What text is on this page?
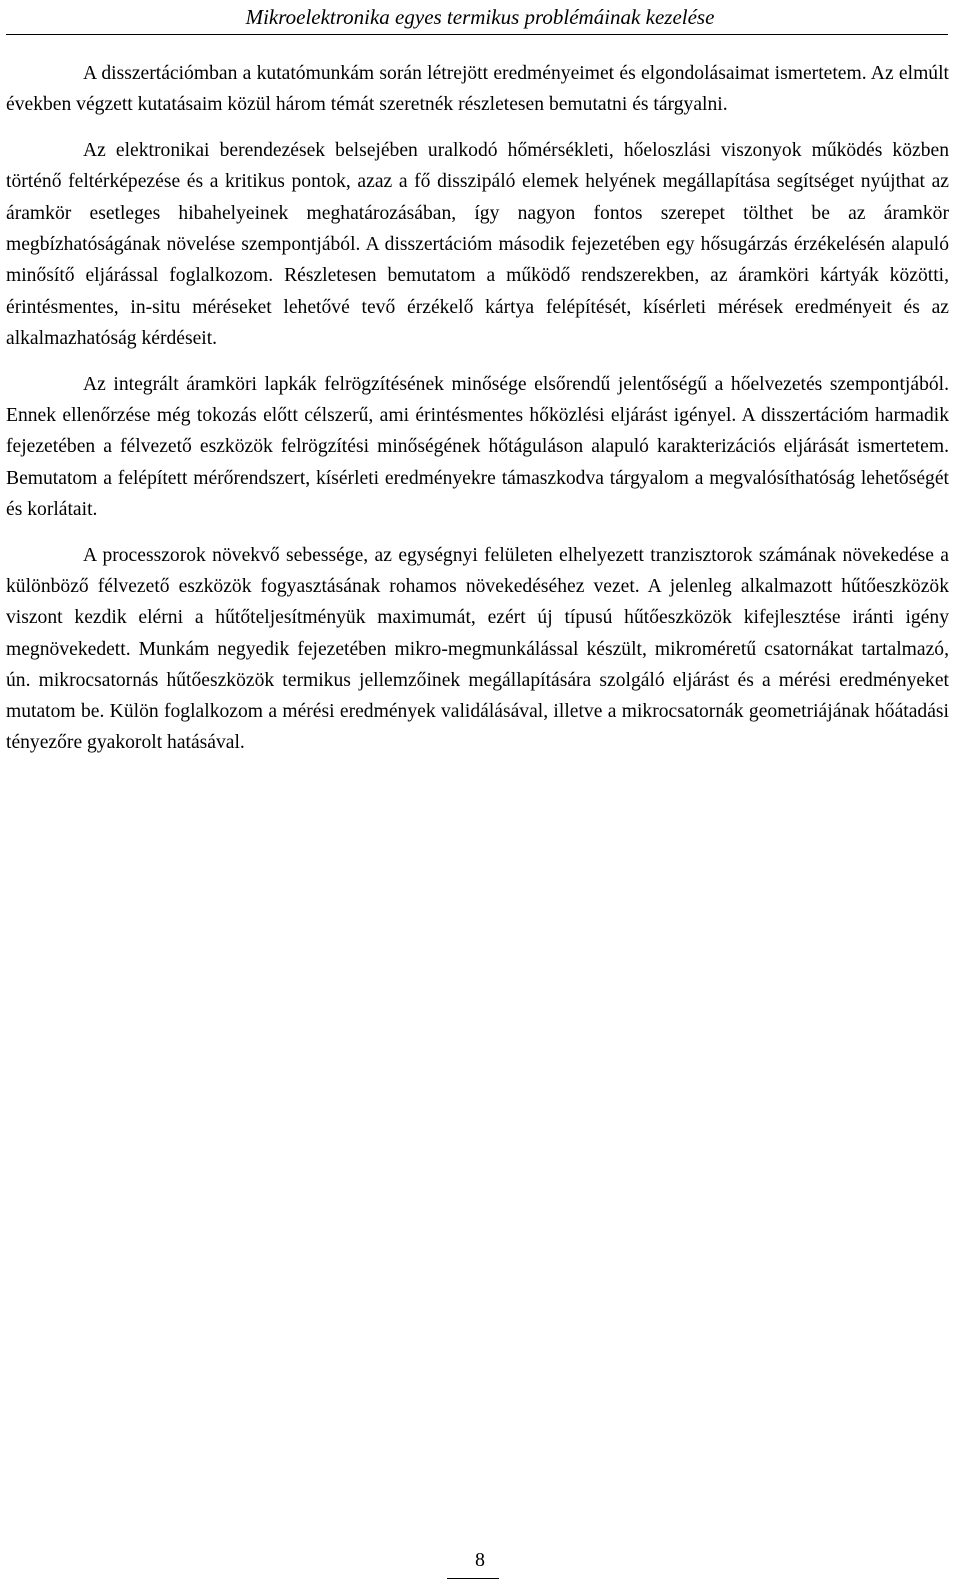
Mikroelektronika egyes termikus problémáinak kezelése

A disszertációmban a kutatómunkám során létrejött eredményeimet és elgondolásaimat ismertetem. Az elmúlt években végzett kutatásaim közül három témát szeretnék részletesen bemutatni és tárgyalni.

Az elektronikai berendezések belsejében uralkodó hőmérsékleti, hőeloszlási viszonyok működés közben történő feltérképezése és a kritikus pontok, azaz a fő disszipáló elemek helyének megállapítása segítséget nyújthat az áramkör esetleges hibahelyeinek meghatározásában, így nagyon fontos szerepet tölthet be az áramkör megbízhatóságának növelése szempontjából. A disszertációm második fejezetében egy hősugárzás érzékelésén alapuló minősítő eljárással foglalkozom. Részletesen bemutatom a működő rendszerekben, az áramköri kártyák közötti, érintésmentes, in-situ méréseket lehetővé tevő érzékelő kártya felépítését, kísérleti mérések eredményeit és az alkalmazhatóság kérdéseit.

Az integrált áramköri lapkák felrögzítésének minősége elsőrendű jelentőségű a hőelvezetés szempontjából. Ennek ellenőrzése még tokozás előtt célszerű, ami érintésmentes hőközlési eljárást igényel. A disszertációm harmadik fejezetében a félvezető eszközök felrögzítési minőségének hőtáguláson alapuló karakterizációs eljárását ismertetem. Bemutatom a felépített mérőrendszert, kísérleti eredményekre támaszkodva tárgyalom a megvalósíthatóság lehetőségét és korlátait.

A processzorok növekvő sebessége, az egységnyi felületen elhelyezett tranzisztorok számának növekedése a különböző félvezető eszközök fogyasztásának rohamos növekedéséhez vezet. A jelenleg alkalmazott hűtőeszközök viszont kezdik elérni a hűtőteljesítményük maximumát, ezért új típusú hűtőeszközök kifejlesztése iránti igény megnövekedett. Munkám negyedik fejezetében mikro-megmunkálással készült, mikroméretű csatornákat tartalmazó, ún. mikrocsatornás hűtőeszközök termikus jellemzőinek megállapítására szolgáló eljárást és a mérési eredményeket mutatom be. Külön foglalkozom a mérési eredmények validálásával, illetve a mikrocsatornák geometriájának hőátadási tényezőre gyakorolt hatásával.

8
